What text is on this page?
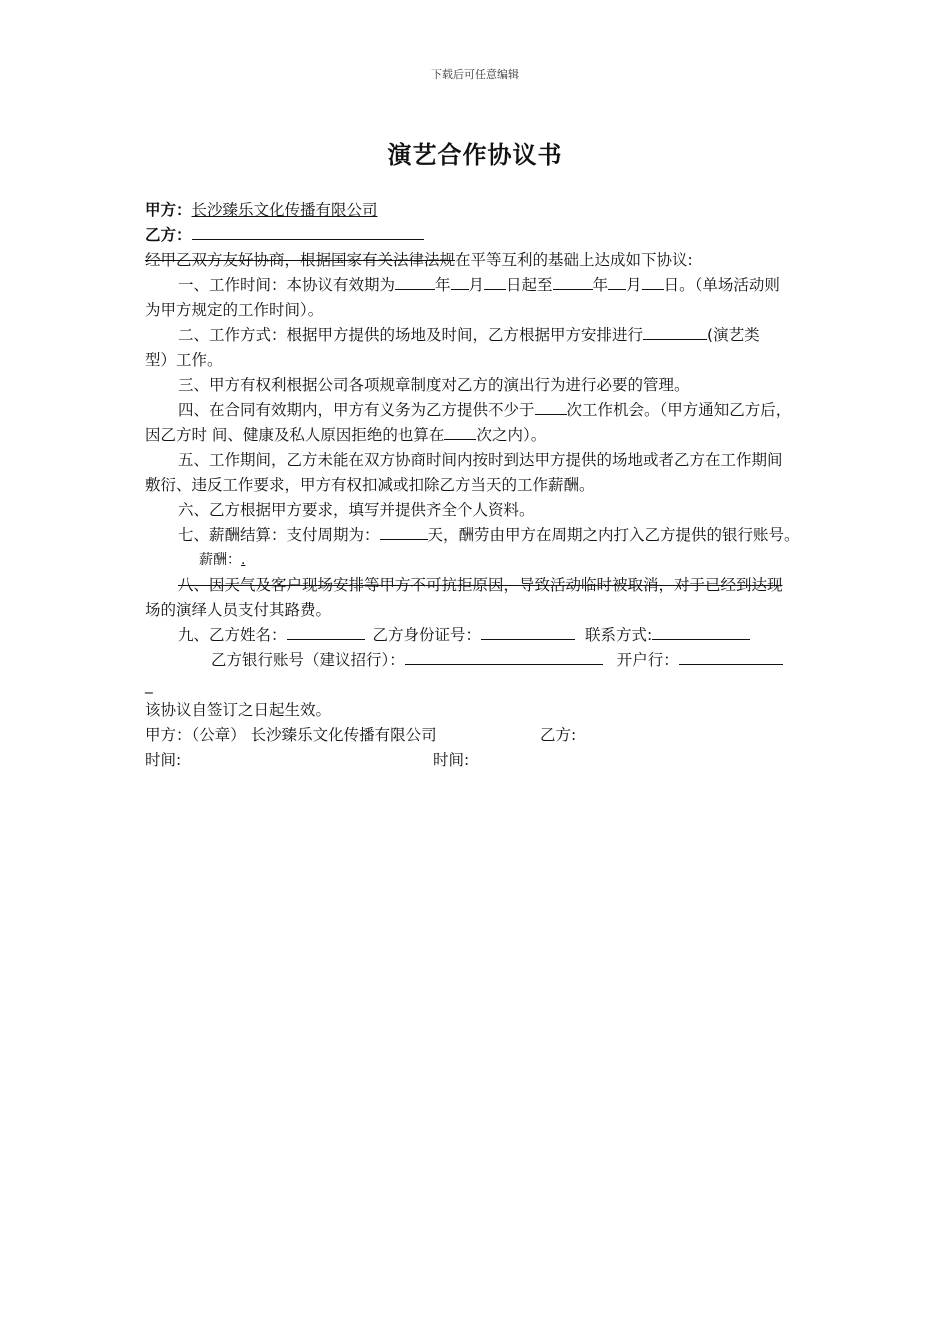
下载后可任意编辑
演艺合作协议书
甲方：长沙臻乐文化传播有限公司
乙方：
经甲乙双方友好协商，根据国家有关法律法规在平等互利的基础上达成如下协议:
一、工作时间：本协议有效期为	年 月 日起至	年 月 日。（单场活动则
为甲方规定的工作时间）。
二、工作方式：根据甲方提供的场地及时间，乙方根据甲方安排进行	(演艺类
型）工作。
三、甲方有权利根据公司各项规章制度对乙方的演出行为进行必要的管理。
四、在合同有效期内，甲方有义务为乙方提供不少于 次工作机会。（甲方通知乙方后，
因乙方时 间、健康及私人原因拒绝的也算在 次之内）。
五、工作期间，乙方未能在双方协商时间内按时到达甲方提供的场地或者乙方在工作期间
敷衍、违反工作要求，甲方有权扣减或扣除乙方当天的工作薪酬。
六、乙方根据甲方要求，填写并提供齐全个人资料。
七、薪酬结算：支付周期为：	天，酬劳由甲方在周期之内打入乙方提供的银行账号。
薪酬：.
八、因天气及客户现场安排等甲方不可抗拒原因，导致活动临时被取消，对于已经到达现
场的演绎人员支付其路费。
九、乙方姓名：	乙方身份证号：	联系方式:
乙方银行账号（建议招行）：	开户行：
_
该协议自签订之日起生效。
甲方：（公章） 长沙臻乐文化传播有限公司	乙方:
时间:	时间:
